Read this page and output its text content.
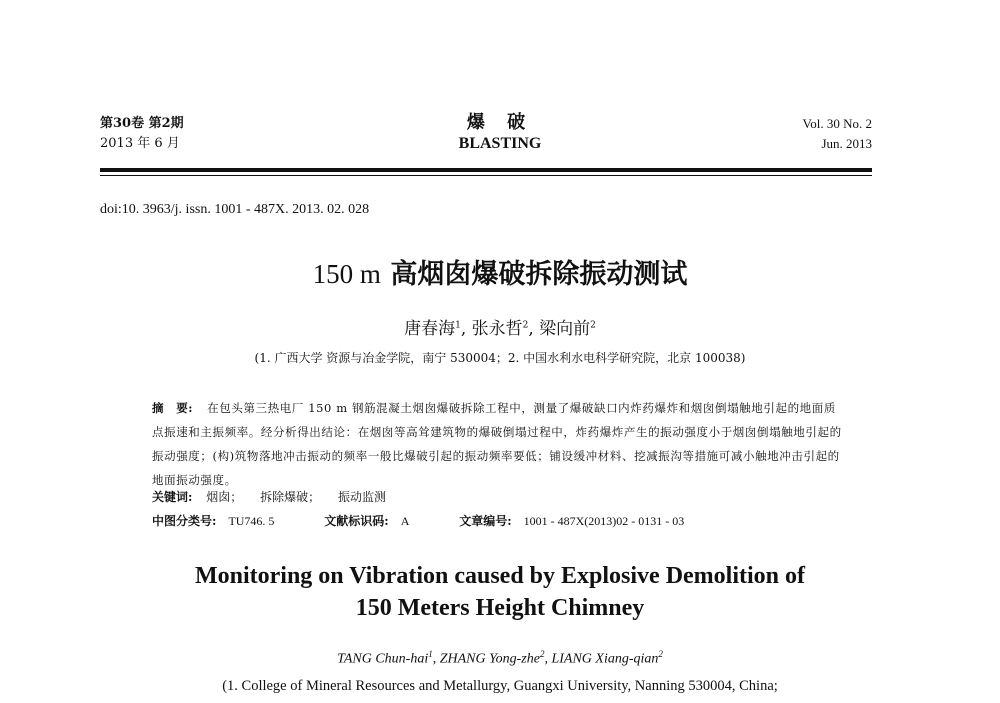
第30卷 第2期
2013 年 6 月
爆 破
BLASTING
Vol. 30 No. 2
Jun. 2013
doi:10. 3963/j. issn. 1001 - 487X. 2013. 02. 028
150 m 高烟囱爆破拆除振动测试
唐春海$^1$, 张永哲$^2$, 梁向前$^2$
(1. 广西大学 资源与冶金学院，南宁 530004；2. 中国水利水电科学研究院，北京 100038)
摘　要: 在包头第三热电厂 150 m 钢筋混凝土烟囱爆破拆除工程中，测量了爆破缺口内炸药爆炸和烟囱倒塌触地引起的地面质点振速和主振频率。经分析得出结论：在烟囱等高耸建筑物的爆破倒塌过程中，炸药爆炸产生的振动强度小于烟囱倒塌触地引起的振动强度；(构)筑物落地冲击振动的频率一般比爆破引起的振动频率要低；铺设缓冲材料、挖减振沟等措施可减小触地冲击引起的地面振动强度。
关键词: 烟囱； 拆除爆破； 振动监测
中图分类号: TU746. 5	文献标识码: A	文章编号: 1001 - 487X(2013)02 - 0131 - 03
Monitoring on Vibration caused by Explosive Demolition of
150 Meters Height Chimney
TANG Chun-hai$^1$, ZHANG Yong-zhe$^2$, LIANG Xiang-qian$^2$
(1. College of Mineral Resources and Metallurgy, Guangxi University, Nanning 530004, China;
